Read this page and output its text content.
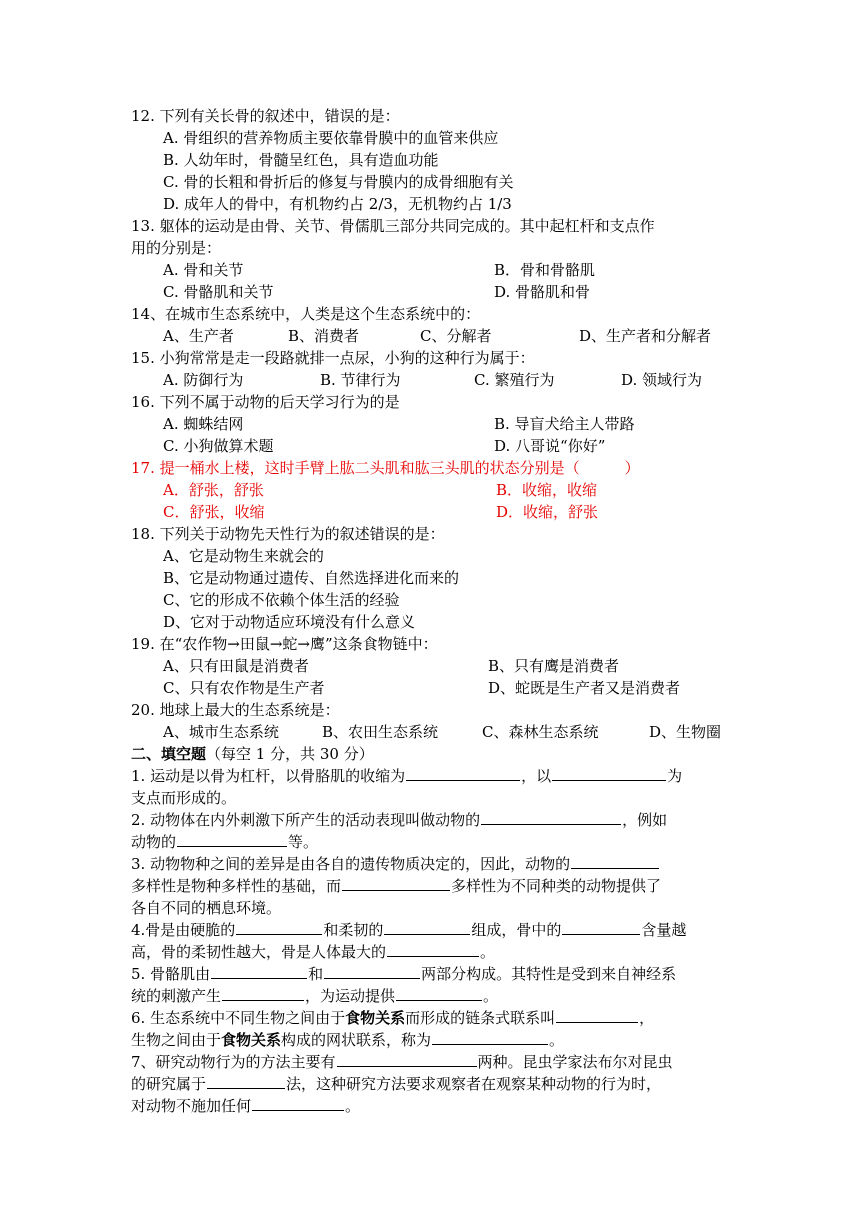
12. 下列有关长骨的叙述中，错误的是：
A. 骨组织的营养物质主要依靠骨膜中的血管来供应
B. 人幼年时，骨髓呈红色，具有造血功能
C. 骨的长粗和骨折后的修复与骨膜内的成骨细胞有关
D. 成年人的骨中，有机物约占 2/3，无机物约占 1/3
13. 躯体的运动是由骨、关节、骨儒肌三部分共同完成的。其中起杠杆和支点作
用的分别是：
A. 骨和关节	B．骨和骨骼肌
C. 骨骼肌和关节	D. 骨骼肌和骨
14、在城市生态系统中，人类是这个生态系统中的：
A、生产者	B、消费者	C、分解者	D、生产者和分解者
15. 小狗常常是走一段路就排一点尿，小狗的这种行为属于：
A. 防御行为	B. 节律行为	C. 繁殖行为	D. 领域行为
16. 下列不属于动物的后天学习行为的是
A. 蜘蛛结网	B. 导盲犬给主人带路
C. 小狗做算术题	D. 八哥说“你好”
17. 提一桶水上楼，这时手臂上肱二头肌和肱三头肌的状态分别是（　　　）
A．舒张，舒张	B．收缩，收缩
C．舒张，收缩	D．收缩，舒张
18. 下列关于动物先天性行为的叙述错误的是：
A、它是动物生来就会的
B、它是动物通过遗传、自然选择进化而来的
C、它的形成不依赖个体生活的经验
D、它对于动物适应环境没有什么意义
19. 在“农作物→田鼠→蛇→鹰”这条食物链中：
A、只有田鼠是消费者	B、只有鹰是消费者
C、只有农作物是生产者	D、蛇既是生产者又是消费者
20. 地球上最大的生态系统是：
A、城市生态系统	B、农田生态系统	C、森林生态系统	D、生物圈
二、填空题（每空 1 分，共 30 分）
1. 运动是以骨为杠杆，以骨胳肌的收缩为	，以	为
支点而形成的。
2. 动物体在内外刺激下所产生的活动表现叫做动物的	，例如
动物的	等。
3. 动物物种之间的差异是由各自的遗传物质决定的，因此，动物的
多样性是物种多样性的基础，而	多样性为不同种类的动物提供了
各自不同的栖息环境。
4.骨是由硬脆的	和柔韧的	组成，骨中的	含量越
高，骨的柔韧性越大，骨是人体最大的	。
5. 骨骼肌由	和	两部分构成。其特性是受到来自神经系
统的刺激产生	，为运动提供	。
6. 生态系统中不同生物之间由于食物关系而形成的链条式联系叫	，
生物之间由于食物关系构成的网状联系，称为	。
7、研究动物行为的方法主要有	两种。昆虫学家法布尔对昆虫
的研究属于	法，这种研究方法要求观察者在观察某种动物的行为时，
对动物不施加任何	。
